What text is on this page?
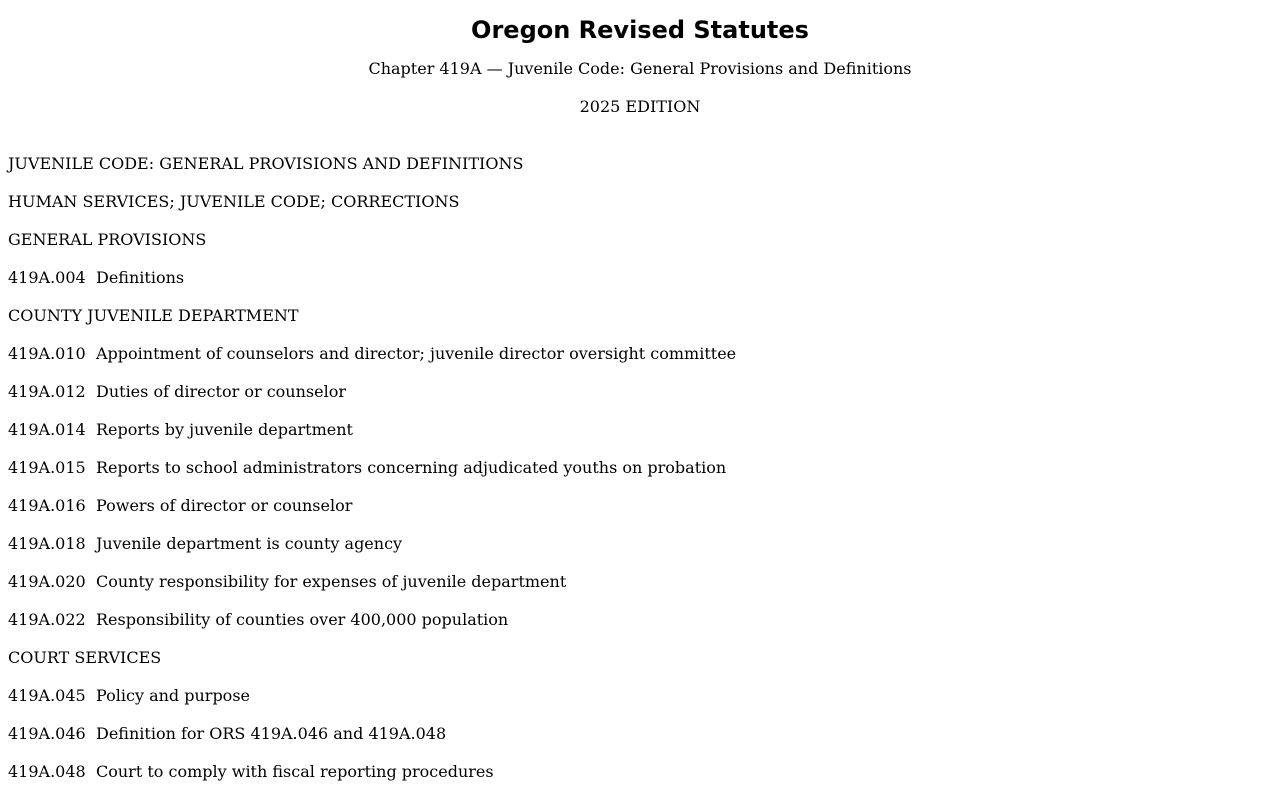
Oregon Revised Statutes

Chapter 419A — Juvenile Code: General Provisions and Definitions

2025 EDITION

JUVENILE CODE: GENERAL PROVISIONS AND DEFINITIONS
HUMAN SERVICES; JUVENILE CODE; CORRECTIONS
GENERAL PROVISIONS
419A.004 Definitions
COUNTY JUVENILE DEPARTMENT
419A.010 Appointment of counselors and director; juvenile director oversight committee
419A.012 Duties of director or counselor
419A.014 Reports by juvenile department
419A.015 Reports to school administrators concerning adjudicated youths on probation
419A.016 Powers of director or counselor
419A.018 Juvenile department is county agency
419A.020 County responsibility for expenses of juvenile department
419A.022 Responsibility of counties over 400,000 population
COURT SERVICES
419A.045 Policy and purpose
419A.046 Definition for ORS 419A.046 and 419A.048
419A.048 Court to comply with fiscal reporting procedures
